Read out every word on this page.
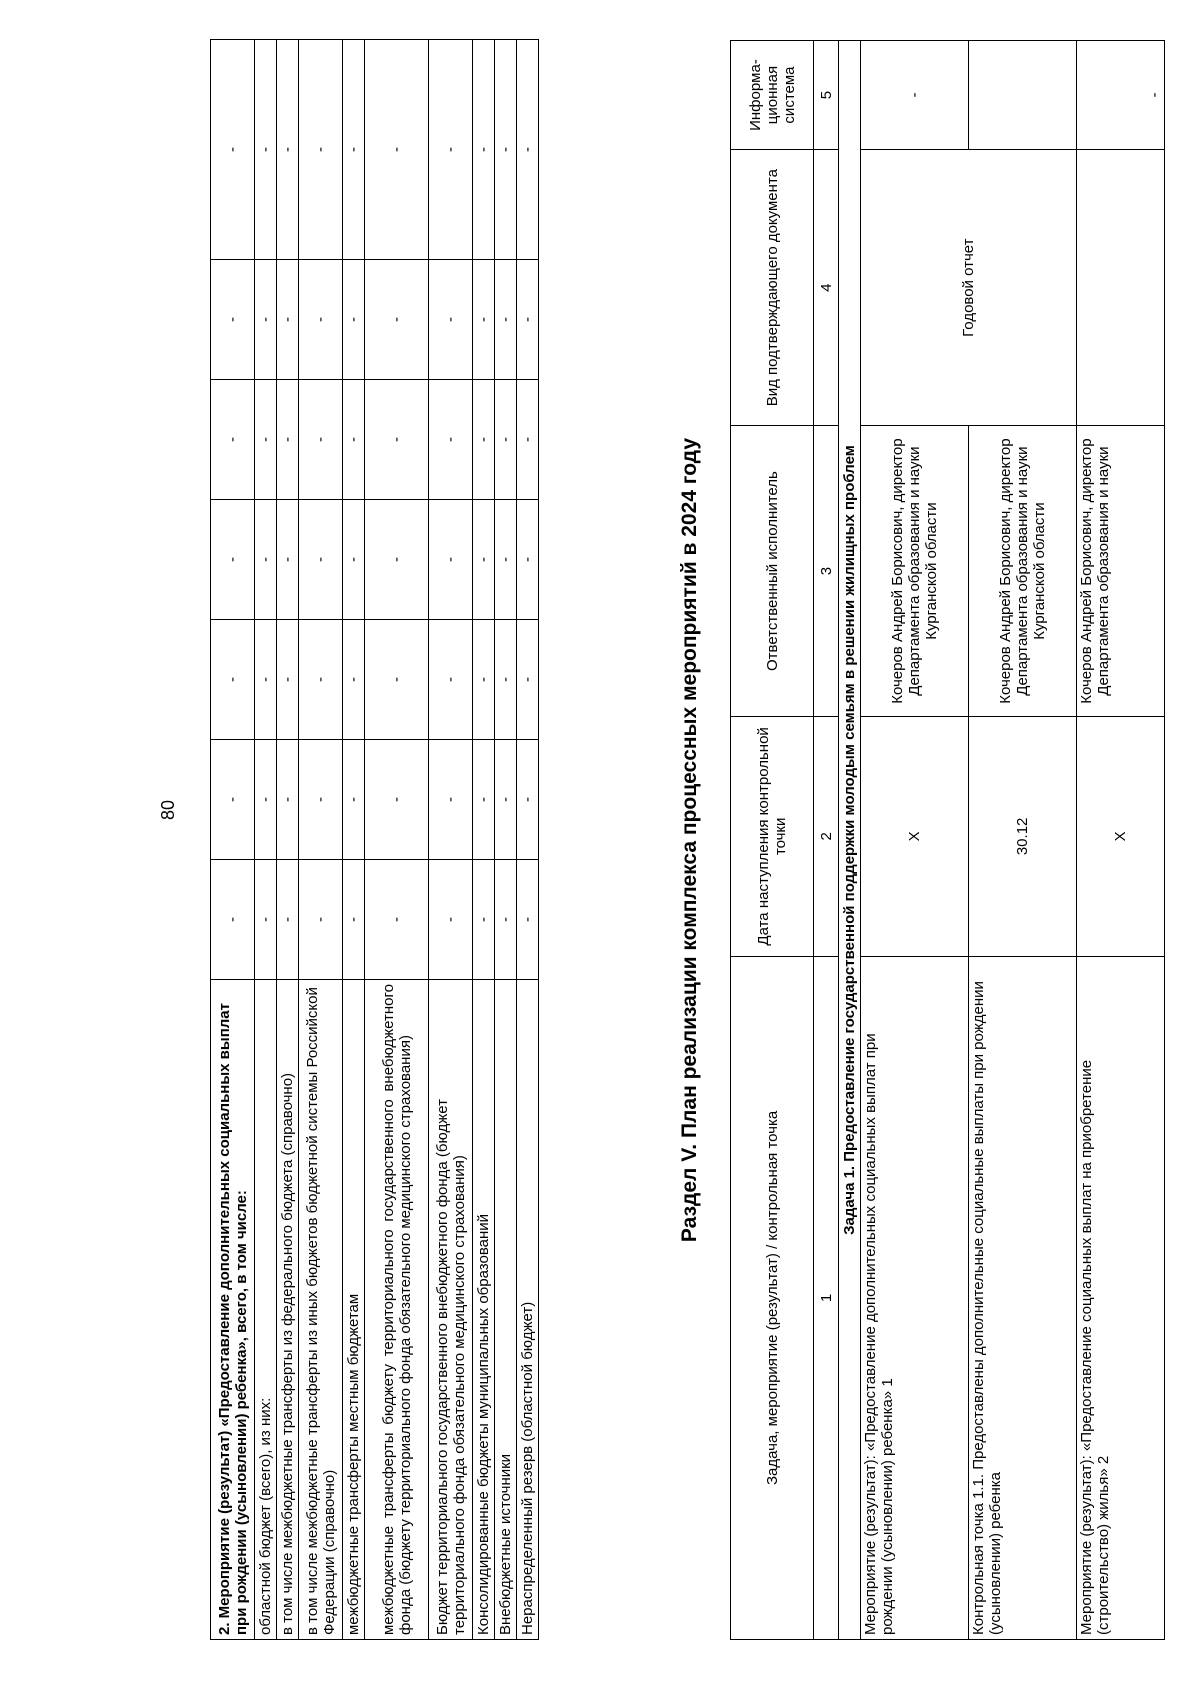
80
2. Мероприятие (результат) «Предоставление дополнительных социальных выплат при рождении (усыновлении) ребенка», всего, в том числе:	-	-	-	-	-	-	-
областной бюджет (всего), из них:	-	-	-	-	-	-	-
в том числе межбюджетные трансферты из федерального бюджета (справочно)	-	-	-	-	-	-	-
в том числе межбюджетные трансферты из иных бюджетов бюджетной системы Российской Федерации (справочно)	-	-	-	-	-	-	-
межбюджетные трансферты местным бюджетам	-	-	-	-	-	-	-
межбюджетные трансферты бюджету территориального государственного внебюджетного фонда (бюджету территориального фонда обязательного медицинского страхования)	-	-	-	-	-	-	-
Бюджет территориального государственного внебюджетного фонда (бюджет территориального фонда обязательного медицинского страхования)	-	-	-	-	-	-	-
Консолидированные бюджеты муниципальных образований	-	-	-	-	-	-	-
Внебюджетные источники	-	-	-	-	-	-	-
Нераспределенный резерв (областной бюджет)	-	-	-	-	-	-	-
Раздел V. План реализации комплекса процессных мероприятий в 2024 году
Задача, мероприятие (результат) / контрольная точка	Дата наступления контрольной точки	Ответственный исполнитель	Вид подтверждающего документа	Информа-ционная система
1	2	3	4	5
Задача 1. Предоставление государственной поддержки молодым семьям в решении жилищных проблем				
Мероприятие (результат): «Предоставление дополнительных социальных выплат при рождении (усыновлении) ребенка» 1	X	Кочеров Андрей Борисович, директор Департамента образования и науки Курганской области	Годовой отчет	-
Контрольная точка 1.1. Предоставлены дополнительные социальные выплаты при рождении (усыновлении) ребенка	30.12	Кочеров Андрей Борисович, директор Департамента образования и науки Курганской области		
Мероприятие (результат): «Предоставление социальных выплат на приобретение (строительство) жилья» 2	X	Кочеров Андрей Борисович, директор Департамента образования и науки		-
